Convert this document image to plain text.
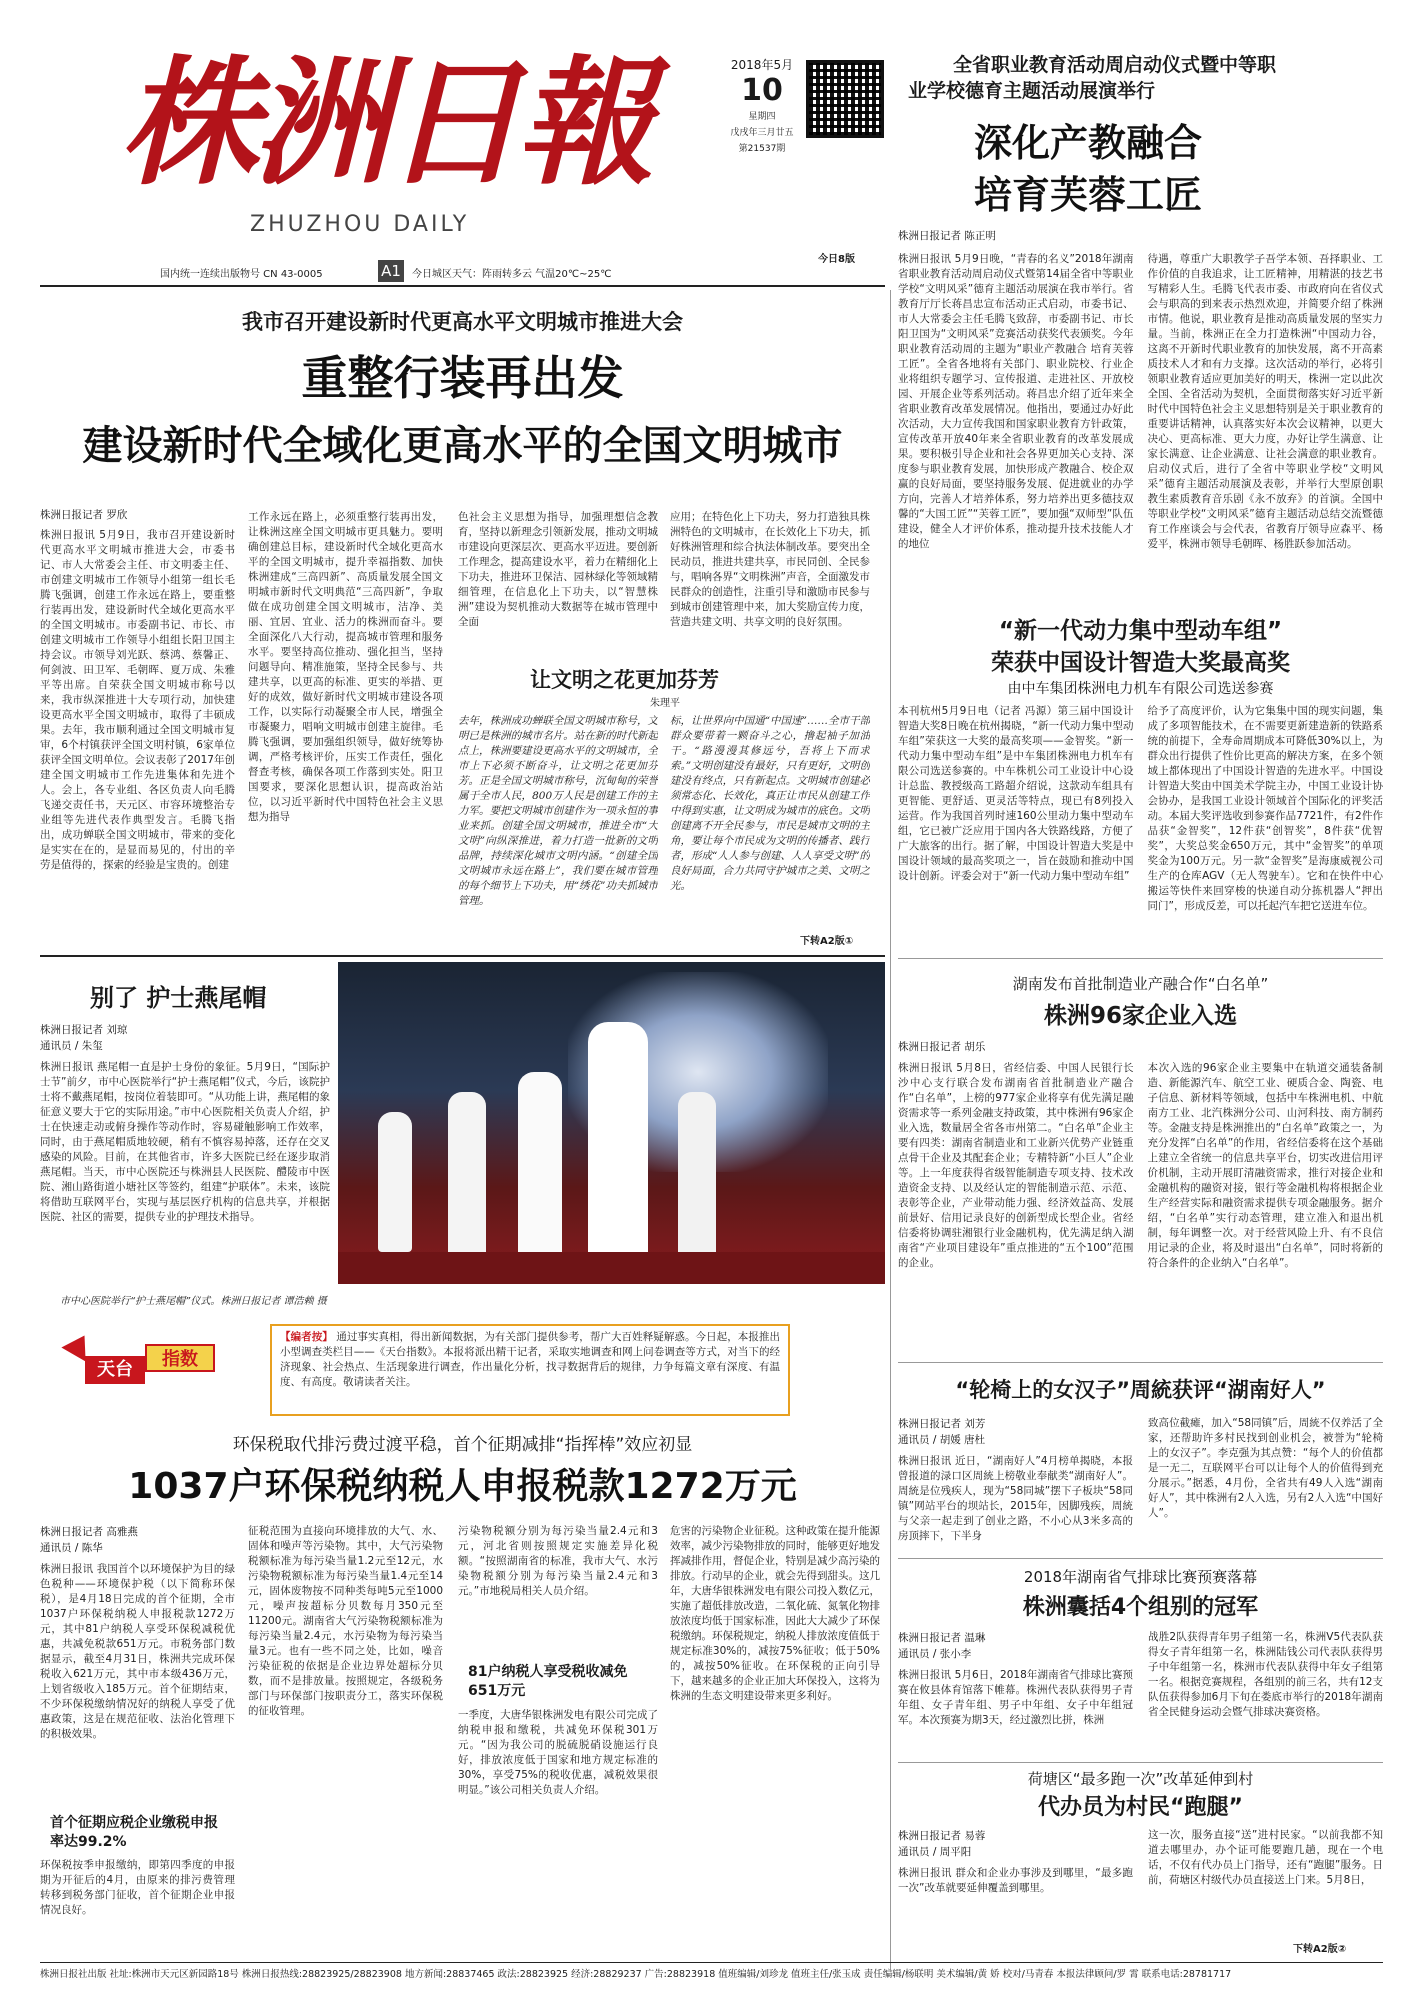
株洲日報
ZHUZHOU DAILY
2018年5月
10
星期四
戊戌年三月廿五
第21537期
今日8版
国内统一连续出版物号 CN 43-0005	A1	今日城区天气：阵雨转多云 气温20℃~25℃
全省职业教育活动周启动仪式暨中等职
业学校德育主题活动展演举行
深化产教融合
培育芙蓉工匠
株洲日报记者 陈正明
株洲日报讯 5月9日晚，“青春的名义”2018年湖南省职业教育活动周启动仪式暨第14届全省中等职业学校“文明风采”德育主题活动展演在我市举行。省教育厅厅长蒋昌忠宣布活动正式启动，市委书记、市人大常委会主任毛腾飞致辞，市委副书记、市长阳卫国为“文明风采”竞赛活动获奖代表颁奖。今年职业教育活动周的主题为“职业产教融合 培育芙蓉工匠”。全省各地将有关部门、职业院校、行业企业将组织专题学习、宣传报道、走进社区、开放校园、开展企业等系列活动。蒋昌忠介绍了近年来全省职业教育改革发展情况。他指出，要通过办好此次活动，大力宣传我国和国家职业教育方针政策，宣传改革开放40年来全省职业教育的改革发展成果。要积极引导企业和社会各界更加关心支持、深度参与职业教育发展，加快形成产教融合、校企双赢的良好局面，要坚持服务发展、促进就业的办学方向，完善人才培养体系，努力培养出更多德技双馨的“大国工匠”“芙蓉工匠”，要加强“双师型”队伍建设，健全人才评价体系，推动提升技术技能人才的地位
待遇，尊重广大职教学子吾学本领、吾择职业、工作价值的自我追求，让工匠精神，用精湛的技艺书写精彩人生。毛腾飞代表市委、市政府向在省仪式会与职高的到来表示热烈欢迎，并简要介绍了株洲市情。他说，职业教育是推动高质量发展的坚实力量。当前，株洲正在全力打造株洲“中国动力谷，这离不开新时代职业教育的加快发展，离不开高素质技术人才和有力支撑。这次活动的举行，必将引领职业教育适应更加美好的明天，株洲一定以此次全国、全省活动为契机，全面贯彻落实好习近平新时代中国特色社会主义思想特别是关于职业教育的重要讲话精神，认真落实好本次会议精神，以更大决心、更高标准、更大力度，办好让学生满意、让家长满意、让企业满意、让社会满意的职业教育。启动仪式后，进行了全省中等职业学校“文明风采”德育主题活动展演及表彰，并举行大型原创职教生素质教育音乐剧《永不放弃》的首演。全国中等职业学校“文明风采”德育主题活动总结交流暨德育工作座谈会与会代表，省教育厅领导应森平、杨爱平，株洲市领导毛朝晖、杨胜跃参加活动。
我市召开建设新时代更高水平文明城市推进大会
重整行装再出发
建设新时代全域化更高水平的全国文明城市
株洲日报记者 罗欣
株洲日报讯 5月9日，我市召开建设新时代更高水平文明城市推进大会，市委书记、市人大常委会主任、市文明委主任、市创建文明城市工作领导小组第一组长毛腾飞强调，创建工作永远在路上，要重整行装再出发，建设新时代全域化更高水平的全国文明城市。市委副书记、市长、市创建文明城市工作领导小组组长阳卫国主持会议。市领导刘光跃、蔡鸿、蔡馨正、何剑波、田卫军、毛朝晖、夏万成、朱雅平等出席。自荣获全国文明城市称号以来，我市纵深推进十大专项行动，加快建设更高水平全国文明城市，取得了丰硕成果。去年，我市顺利通过全国文明城市复审，6个村镇获评全国文明村镇，6家单位获评全国文明单位。会议表彰了2017年创建全国文明城市工作先进集体和先进个人。会上，各专业组、各区负责人向毛腾飞递交责任书，天元区、市容环境整治专业组等先进代表作典型发言。毛腾飞指出，成功蝉联全国文明城市，带来的变化是实实在在的，是显而易见的，付出的辛劳是值得的，探索的经验是宝贵的。创建
工作永远在路上，必须重整行装再出发，让株洲这座全国文明城市更具魅力。要明确创建总目标，建设新时代全域化更高水平的全国文明城市，提升幸福指数、加快株洲建成“三高四新”、高质量发展全国文明城市新时代文明典范“三高四新”，争取做在成功创建全国文明城市，洁净、美丽、宜居、宜业、活力的株洲而奋斗。要全面深化八大行动，提高城市管理和服务水平。要坚持高位推动、强化担当，坚持问题导向、精准施策，坚持全民参与、共建共享，以更高的标准、更实的举措、更好的成效，做好新时代文明城市建设各项工作，以实际行动凝聚全市人民，增强全市凝聚力，唱响文明城市创建主旋律。毛腾飞强调，要加强组织领导，做好统筹协调，严格考核评价，压实工作责任，强化督查考核，确保各项工作落到实处。阳卫国要求，要深化思想认识，提高政治站位，以习近平新时代中国特色社会主义思想为指导
色社会主义思想为指导，加强理想信念教育，坚持以新理念引领新发展，推动文明城市建设向更深层次、更高水平迈进。要创新工作理念，提高建设水平，着力在精细化上下功夫，推进环卫保洁、园林绿化等领域精细管理，在信息化上下功夫，以“智慧株洲”建设为契机推动大数据等在城市管理中全面
应用；在特色化上下功夫，努力打造独具株洲特色的文明城市，在长效化上下功夫，抓好株洲管理和综合执法体制改革。要突出全民动员，推进共建共享，市民同创、全民参与，唱响各界“文明株洲”声音，全面激发市民群众的创造性，注重引导和激励市民参与到城市创建管理中来，加大奖励宣传力度，营造共建文明、共享文明的良好氛围。
让文明之花更加芬芳
朱理平
去年，株洲成功蝉联全国文明城市称号，文明已是株洲的城市名片。站在新的时代新起点上，株洲要建设更高水平的文明城市，全市上下必须不断奋斗，让文明之花更加芬芳。正是全国文明城市称号，沉甸甸的荣誉属于全市人民，800万人民是创建工作的主力军。要把文明城市创建作为一项永恒的事业来抓。创建全国文明城市，推进全市“大文明”向纵深推进，着力打造一批新的文明品牌，持续深化城市文明内涵。“创建全国文明城市永远在路上”，我们要在城市管理的每个细节上下功夫，用“绣花”功夫抓城市管理。
标，让世界向中国通“中国速”……全市干部群众要带着一颗奋斗之心，撸起袖子加油干。“路漫漫其修远兮，吾将上下而求索。”文明创建没有最好，只有更好，文明创建没有终点，只有新起点。文明城市创建必须常态化、长效化，真正让市民从创建工作中得到实惠，让文明成为城市的底色。文明创建离不开全民参与，市民是城市文明的主角，要让每个市民成为文明的传播者、践行者，形成“人人参与创建、人人享受文明”的良好局面，合力共同守护城市之美、文明之光。
下转A2版①
“新一代动力集中型动车组”
荣获中国设计智造大奖最高奖
由中车集团株洲电力机车有限公司选送参赛
本刊杭州5月9日电（记者 冯源）第三届中国设计智造大奖8日晚在杭州揭晓，“新一代动力集中型动车组”荣获这一大奖的最高奖项——金智奖。“新一代动力集中型动车组”是中车集团株洲电力机车有限公司选送参赛的。中车株机公司工业设计中心设计总监、教授级高工路超介绍说，这款动车组具有更智能、更舒适、更灵活等特点，现已有8列投入运营。作为我国首列时速160公里动力集中型动车组，它已被广泛应用于国内各大铁路线路，方便了广大旅客的出行。据了解，中国设计智造大奖是中国设计领域的最高奖项之一，旨在鼓励和推动中国设计创新。评委会对于“新一代动力集中型动车组”
给予了高度评价，认为它集集中国的现实问题，集成了多项智能技术，在不需要更新建造新的铁路系统的前提下，全寿命周期成本可降低30%以上，为群众出行提供了性价比更高的解决方案，在多个领域上都体现出了中国设计智造的先进水平。中国设计智造大奖由中国美术学院主办，中国工业设计协会协办，是我国工业设计领域首个国际化的评奖活动。本届大奖评选收到参赛作品7721件，有2件作品获“金智奖”，12件获“创智奖”，8件获“优智奖”，大奖总奖金650万元，其中“金智奖”的单项奖金为100万元。另一款“金智奖”是海康威视公司生产的仓库AGV（无人驾驶车）。它和在快件中心搬运等快件来回穿梭的快递自动分拣机器人“押出同门”，形成反差，可以托起汽车把它送进车位。
别了 护士燕尾帽
株洲日报记者 刘琼
通讯员 / 朱玺
株洲日报讯 燕尾帽一直是护士身份的象征。5月9日，“国际护士节”前夕，市中心医院举行“护士燕尾帽”仪式，今后，该院护士将不戴燕尾帽，按岗位着装即可。“从功能上讲，燕尾帽的象征意义要大于它的实际用途。”市中心医院相关负责人介绍，护士在快速走动或俯身操作等动作时，容易碰触影响工作效率，同时，由于燕尾帽质地较硬，稍有不慎容易掉落，还存在交叉感染的风险。目前，在其他省市，许多大医院已经在逐步取消燕尾帽。当天，市中心医院还与株洲县人民医院、醴陵市中医院、湘山路街道小塘社区等签约，组建“护联体”。未来，该院将借助互联网平台，实现与基层医疗机构的信息共享，并根据医院、社区的需要，提供专业的护理技术指导。
市中心医院举行“护士燕尾帽”仪式。株洲日报记者 谭浩赖 摄
湖南发布首批制造业产融合作“白名单”
株洲96家企业入选
株洲日报记者 胡乐
株洲日报讯 5月8日，省经信委、中国人民银行长沙中心支行联合发布湖南省首批制造业产融合作“白名单”，上榜的977家企业将享有优先满足融资需求等一系列金融支持政策，其中株洲有96家企业入选，数量居全省各市州第二。“白名单”企业主要有四类：湖南省制造业和工业新兴优势产业链重点骨干企业及其配套企业；专精特新“小巨人”企业等。上一年度获得省级智能制造专项支持、技术改造资金支持、以及经认定的智能制造示范、示范、表彰等企业，产业带动能力强、经济效益高、发展前景好、信用记录良好的创新型成长型企业。省经信委将协调驻湘银行业金融机构，优先满足纳入湖南省“产业项目建设年”重点推进的“五个100”范围的企业。
本次入选的96家企业主要集中在轨道交通装备制造、新能源汽车、航空工业、硬质合金、陶瓷、电子信息、新材料等领域，包括中车株洲电机、中航南方工业、北汽株洲分公司、山河科技、南方制药等。金融支持是株洲推出的“白名单”政策之一，为充分发挥“白名单”的作用，省经信委将在这个基础上建立全省统一的信息共享平台，切实改进信用评价机制，主动开展盯清融资需求，推行对接企业和金融机构的融资对接，银行等金融机构将根据企业生产经营实际和融资需求提供专项金融服务。据介绍，“白名单”实行动态管理，建立准入和退出机制，每年调整一次。对于经营风险上升、有不良信用记录的企业，将及时退出“白名单”，同时将新的符合条件的企业纳入“白名单”。
天台	指数
【编者按】 通过事实真相，得出新闻数据，为有关部门提供参考，帮广大百姓释疑解惑。今日起，本报推出小型调查类栏目——《天台指数》。本报将派出精干记者，采取实地调查和网上问卷调查等方式，对当下的经济现象、社会热点、生活现象进行调查，作出量化分析，找寻数据背后的规律，力争每篇文章有深度、有温度、有高度。敬请读者关注。
环保税取代排污费过渡平稳，首个征期减排“指挥棒”效应初显
1037户环保税纳税人申报税款1272万元
株洲日报记者 高雅燕
通讯员 / 陈华
株洲日报讯 我国首个以环境保护为目的绿色税种——环境保护税（以下简称环保税），是4月18日完成的首个征期，全市1037户环保税纳税人申报税款1272万元，其中81户纳税人享受环保税减税优惠，共减免税款651万元。市税务部门数据显示，截至4月31日，株洲共完成环保税收入621万元，其中市本级436万元，上划省级收入185万元。首个征期结束，不少环保税缴纳情况好的纳税人享受了优惠政策，这是在规范征收、法治化管理下的积极效果。
首个征期应税企业缴税申报率达99.2%
环保税按季申报缴纳，即第四季度的申报期为开征后的4月，由原来的排污费管理转移到税务部门征收，首个征期企业申报情况良好。
征税范围为直接向环境排放的大气、水、固体和噪声等污染物。其中，大气污染物税额标准为每污染当量1.2元至12元，水污染物税额标准为每污染当量1.4元至14元，固体废物按不同种类每吨5元至1000元，噪声按超标分贝数每月350元至11200元。湖南省大气污染物税额标准为每污染当量2.4元，水污染物为每污染当量3元。也有一些不同之处，比如，噪音污染征税的依据是企业边界处超标分贝数，而不是排放量。按照规定，各级税务部门与环保部门按职责分工，落实环保税的征收管理。
污染物税额分别为每污染当量2.4元和3元，河北省则按照规定实施差异化税额。“按照湖南省的标准，我市大气、水污染物税额分别为每污染当量2.4元和3元。”市地税局相关人员介绍。
81户纳税人享受税收减免651万元
一季度，大唐华银株洲发电有限公司完成了纳税申报和缴税，共减免环保税301万元。“因为我公司的脱硫脱硝设施运行良好，排放浓度低于国家和地方规定标准的30%，享受75%的税收优惠，减税效果很明显。”该公司相关负责人介绍。
危害的污染物企业征税。这种政策在提升能源效率，减少污染物排放的同时，能够更好地发挥减排作用，督促企业，特别是减少高污染的排放。行动早的企业，就会先得到甜头。这几年，大唐华银株洲发电有限公司投入数亿元，实施了超低排放改造，二氧化硫、氮氧化物排放浓度均低于国家标准，因此大大减少了环保税缴纳。环保税规定，纳税人排放浓度值低于规定标准30%的，减按75%征收；低于50%的，减按50%征收。在环保税的正向引导下，越来越多的企业正加大环保投入，这将为株洲的生态文明建设带来更多利好。
“轮椅上的女汉子”周統获评“湖南好人”
株洲日报记者 刘芳
通讯员 / 胡媛 唐杜
株洲日报讯 近日，“湖南好人”4月榜单揭晓，本报曾报道的渌口区周統上榜敬业奉献类“湖南好人”。周統是位残疾人，现为“58同城”摆下子板块“58同镇”网站平台的坝站长，2015年，因脚残疾，周統与父亲一起走到了创业之路，不小心从3米多高的房顶摔下，下半身
致高位截瘫，加入“58同镇”后，周統不仅养活了全家，还帮助许多村民找到创业机会，被誉为“轮椅上的女汉子”。李克强为其点赞：“每个人的价值都是一无二，互联网平台可以让每个人的价值得到充分展示。”据悉，4月份，全省共有49人入选“湖南好人”，其中株洲有2人入选，另有2人入选“中国好人”。
2018年湖南省气排球比赛预赛落幕
株洲囊括4个组别的冠军
株洲日报记者 温琳
通讯员 / 张小李
株洲日报讯 5月6日，2018年湖南省气排球比赛预赛在攸县体育馆落下帷幕。株洲代表队获得男子青年组、女子青年组、男子中年组、女子中年组冠军。本次预赛为期3天，经过激烈比拼，株洲
战胜2队获得青年男子组第一名，株洲V5代表队获得女子青年组第一名，株洲陆钱公司代表队获得男子中年组第一名，株洲市代表队获得中年女子组第一名。根据竞赛规程，各组别的前三名，共有12支队伍获得参加6月下旬在娄底市举行的2018年湖南省全民健身运动会暨气排球决赛资格。
荷塘区“最多跑一次”改革延伸到村
代办员为村民“跑腿”
株洲日报记者 易蓉
通讯员 / 周平阳
株洲日报讯 群众和企业办事涉及到哪里，“最多跑一次”改革就要延伸覆盖到哪里。
这一次，服务直接“送”进村民家。“以前我都不知道去哪里办，办个证可能要跑几趟，现在一个电话，不仅有代办员上门指导，还有“跑腿”服务。日前，荷塘区村级代办员直接送上门来。5月8日，
下转A2版②
株洲日报社出版 社址:株洲市天元区新园路18号 株洲日报热线:28823925/28823908 地方新闻:28837465 政法:28823925 经济:28829237 广告:28823918 值班编辑/刘珍龙 值班主任/张玉成 责任编辑/杨联明 美术编辑/黄 娇 校对/马青春 本报法律顾问/罗 霄 联系电话:28781717
